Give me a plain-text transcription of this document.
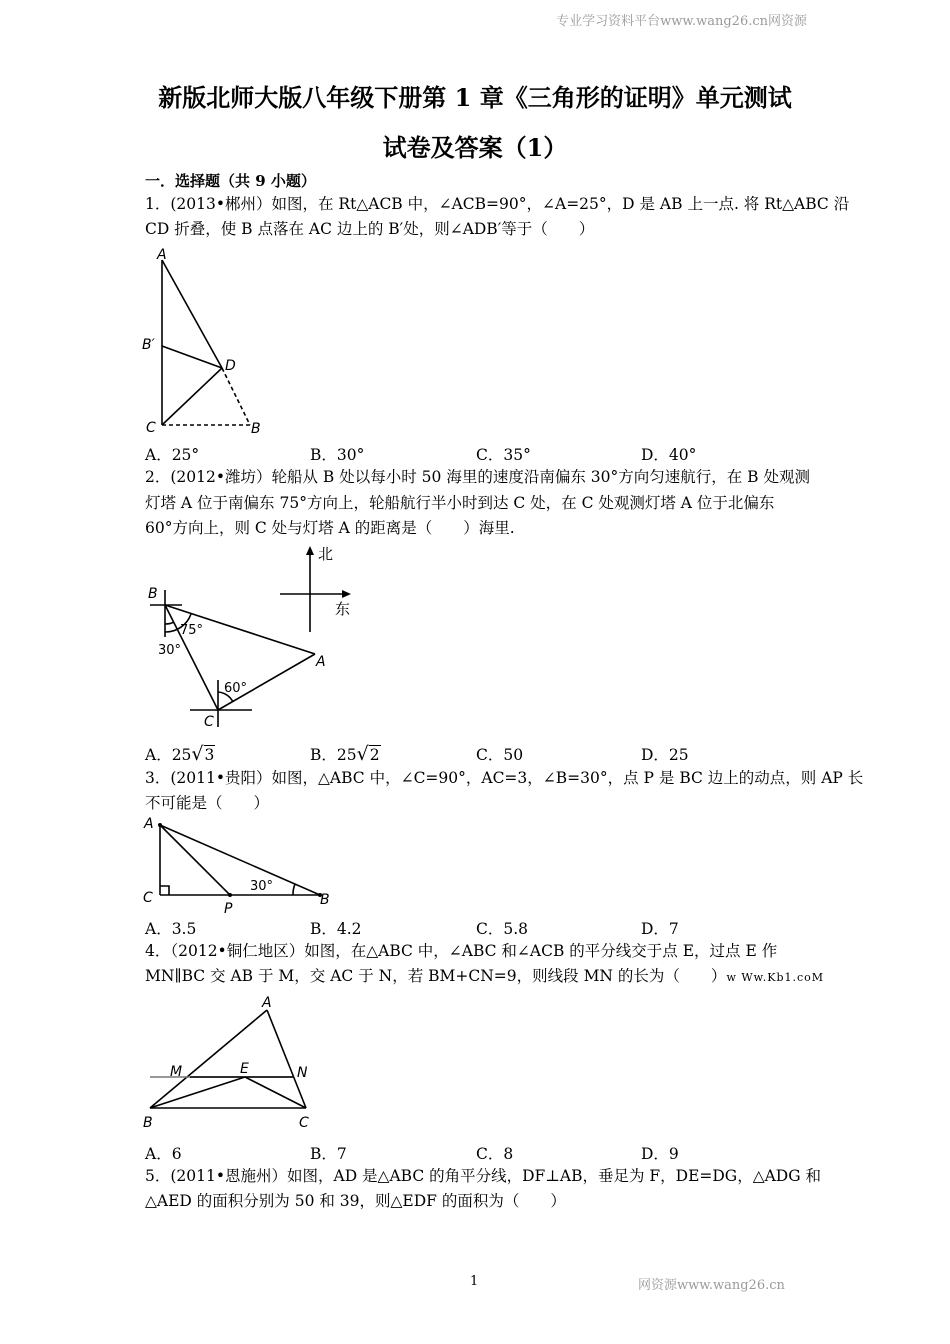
专业学习资料平台www.wang26.cn网资源
新版北师大版八年级下册第 1 章《三角形的证明》单元测试
试卷及答案（1）
一．选择题（共 9 小题）
1．(2013•郴州）如图，在 Rt△ACB 中，∠ACB=90°，∠A=25°，D 是 AB 上一点. 将 Rt△ABC 沿
CD 折叠，使 B 点落在 AC 边上的 B′处，则∠ADB′等于（　　）
A
B′
D
C	B
A．25°	B．30°	C．35°	D．40°
2．(2012•潍坊）轮船从 B 处以每小时 50 海里的速度沿南偏东 30°方向匀速航行，在 B 处观测
灯塔 A 位于南偏东 75°方向上，轮船航行半小时到达 C 处，在 C 处观测灯塔 A 位于北偏东
60°方向上，则 C 处与灯塔 A 的距离是（　　）海里.
B
75°
30°
A
60°
C
北
东
A．25√3	B．25√2	C．50	D．25
3．(2011•贵阳）如图，△ABC 中，∠C=90°，AC=3，∠B=30°，点 P 是 BC 边上的动点，则 AP 长
不可能是（　　）
A
C
30°
P
B
A．3.5	B．4.2	C．5.8	D．7
4．（2012•铜仁地区）如图，在△ABC 中，∠ABC 和∠ACB 的平分线交于点 E，过点 E 作
MN∥BC 交 AB 于 M，交 AC 于 N，若 BM+CN=9，则线段 MN 的长为（　　）w Ww.Kb1.coM
A
M	E	N
B	C
A．6	B．7	C．8	D．9
5．(2011•恩施州）如图，AD 是△ABC 的角平分线，DF⊥AB，垂足为 F，DE=DG，△ADG 和
△AED 的面积分别为 50 和 39，则△EDF 的面积为（　　）
1	网资源www.wang26.cn
